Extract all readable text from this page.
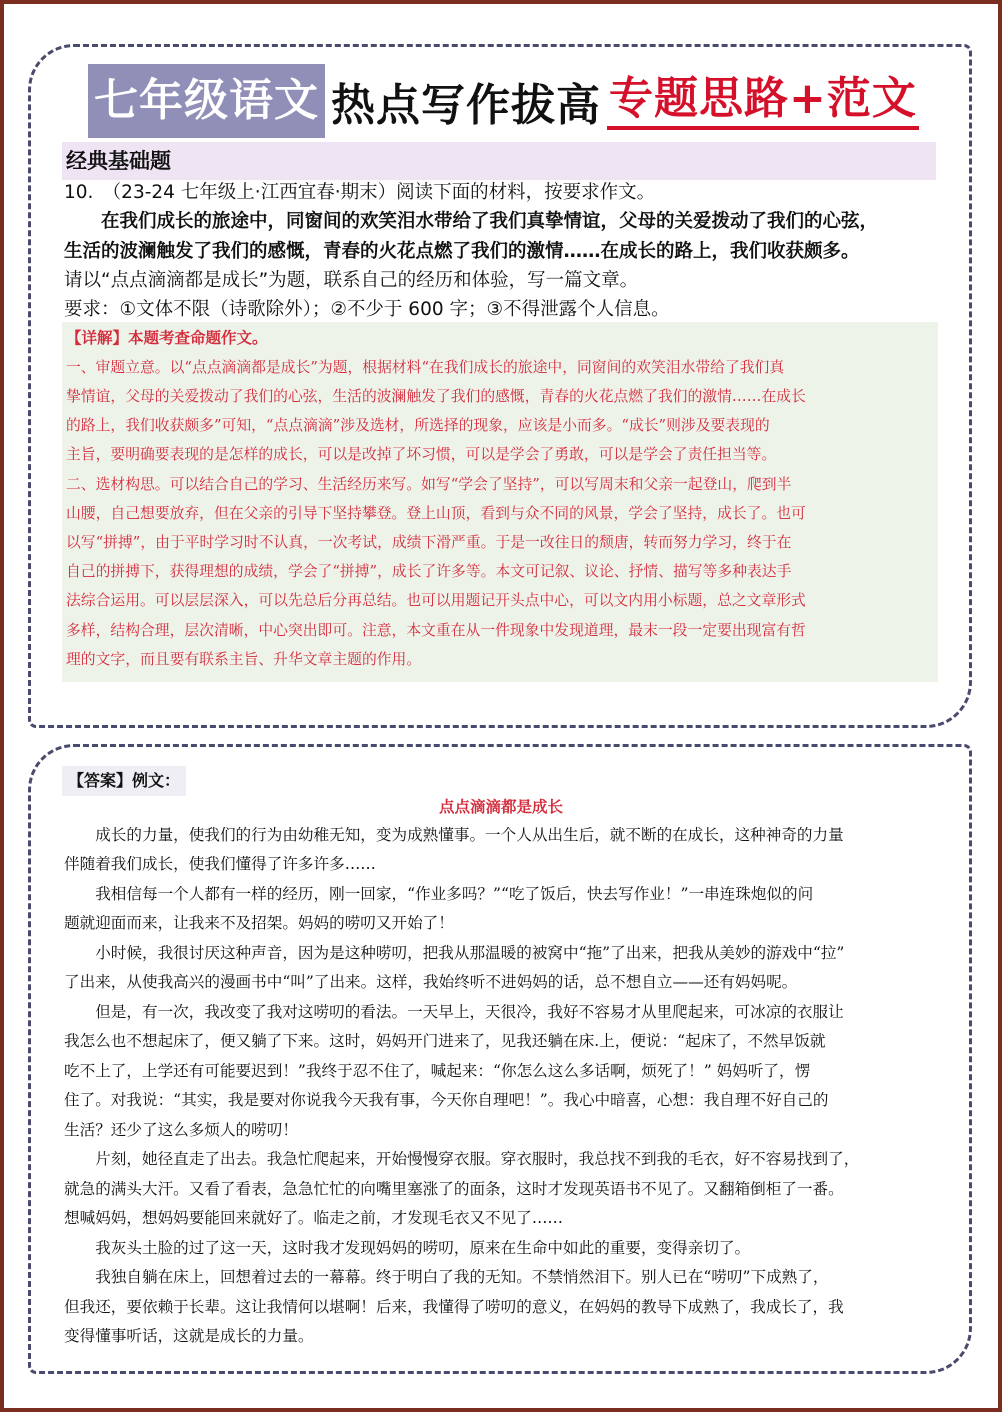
七年级语文 热点写作拔高 专题思路+范文
经典基础题
10.　（23-24 七年级上·江西宜春·期末）阅读下面的材料，按要求作文。
　　在我们成长的旅途中，同窗间的欢笑泪水带给了我们真挚情谊，父母的关爱拨动了我们的心弦，
生活的波澜触发了我们的感慨，青春的火花点燃了我们的激情……在成长的路上，我们收获颇多。
请以“点点滴滴都是成长”为题，联系自己的经历和体验，写一篇文章。
要求：①文体不限（诗歌除外）；②不少于 600 字；③不得泄露个人信息。
【详解】本题考查命题作文。
一、审题立意。以“点点滴滴都是成长”为题，根据材料“在我们成长的旅途中，同窗间的欢笑泪水带给了我们真
挚情谊，父母的关爱拨动了我们的心弦，生活的波澜触发了我们的感慨，青春的火花点燃了我们的激情……在成长
的路上，我们收获颇多”可知，“点点滴滴”涉及选材，所选择的现象，应该是小而多。“成长”则涉及要表现的
主旨，要明确要表现的是怎样的成长，可以是改掉了坏习惯，可以是学会了勇敢，可以是学会了责任担当等。
二、选材构思。可以结合自己的学习、生活经历来写。如写“学会了坚持”，可以写周末和父亲一起登山，爬到半
山腰，自己想要放弃，但在父亲的引导下坚持攀登。登上山顶，看到与众不同的风景，学会了坚持，成长了。也可
以写“拼搏”，由于平时学习时不认真，一次考试，成绩下滑严重。于是一改往日的颓唐，转而努力学习，终于在
自己的拼搏下，获得理想的成绩，学会了“拼搏”，成长了许多等。本文可记叙、议论、抒情、描写等多种表达手
法综合运用。可以层层深入，可以先总后分再总结。也可以用题记开头点中心，可以文内用小标题，总之文章形式
多样，结构合理，层次清晰，中心突出即可。注意，本文重在从一件现象中发现道理，最末一段一定要出现富有哲
理的文字，而且要有联系主旨、升华文章主题的作用。
【答案】例文：
点点滴滴都是成长
　　成长的力量，使我们的行为由幼稚无知，变为成熟懂事。一个人从出生后，就不断的在成长，这种神奇的力量
伴随着我们成长，使我们懂得了许多许多……
　　我相信每一个人都有一样的经历，刚一回家，“作业多吗？”“吃了饭后，快去写作业！”一串连珠炮似的问
题就迎面而来，让我来不及招架。妈妈的唠叨又开始了！
　　小时候，我很讨厌这种声音，因为是这种唠叨，把我从那温暖的被窝中“拖”了出来，把我从美妙的游戏中“拉”
了出来，从使我高兴的漫画书中“叫”了出来。这样，我始终听不进妈妈的话，总不想自立——还有妈妈呢。
　　但是，有一次，我改变了我对这唠叨的看法。一天早上，天很冷，我好不容易才从里爬起来，可冰凉的衣服让
我怎么也不想起床了，便又躺了下来。这时，妈妈开门进来了，见我还躺在床.上，便说：“起床了，不然早饭就
吃不上了，上学还有可能要迟到！”我终于忍不住了，喊起来：“你怎么这么多话啊，烦死了！” 妈妈听了，愣
住了。对我说：“其实，我是要对你说我今天我有事，今天你自理吧！”。我心中暗喜，心想：我自理不好自己的
生活？还少了这么多烦人的唠叨！
　　片刻，她径直走了出去。我急忙爬起来，开始慢慢穿衣服。穿衣服时，我总找不到我的毛衣，好不容易找到了，
就急的满头大汗。又看了看表，急急忙忙的向嘴里塞涨了的面条，这时才发现英语书不见了。又翻箱倒柜了一番。
想喊妈妈，想妈妈要能回来就好了。临走之前，才发现毛衣又不见了……
　　我灰头土脸的过了这一天，这时我才发现妈妈的唠叨，原来在生命中如此的重要，变得亲切了。
　　我独自躺在床上，回想着过去的一幕幕。终于明白了我的无知。不禁悄然泪下。别人已在“唠叨”下成熟了，
但我还，要依赖于长辈。这让我情何以堪啊！后来，我懂得了唠叨的意义，在妈妈的教导下成熟了，我成长了，我
变得懂事听话，这就是成长的力量。
